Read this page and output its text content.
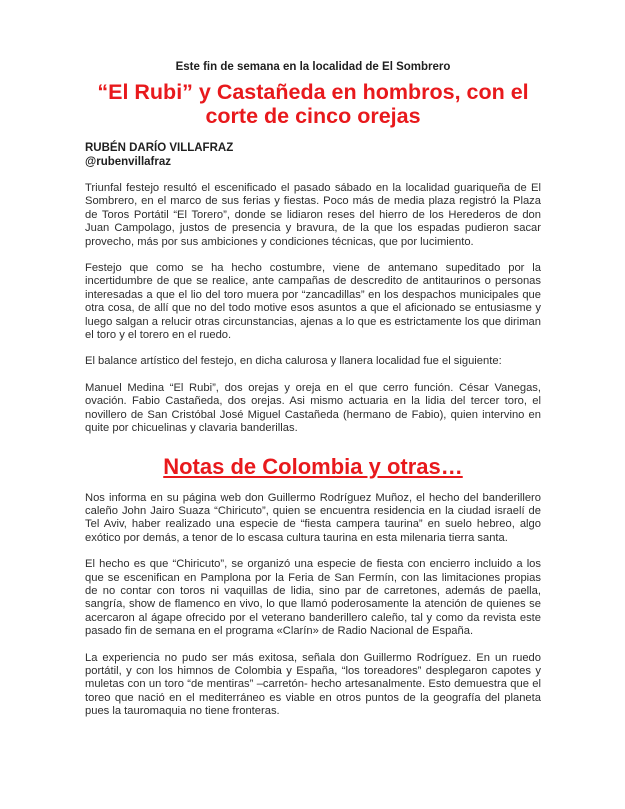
Este fin de semana en la localidad de El Sombrero
“El Rubi” y Castañeda en hombros, con el
corte de cinco orejas
RUBÉN DARÍO VILLAFRAZ
@rubenvillafraz

Triunfal festejo resultó el escenificado el pasado sábado en la localidad guariqueña de El Sombrero, en el marco de sus ferias y fiestas. Poco más de media plaza registró la Plaza de Toros Portátil “El Torero”, donde se lidiaron reses del hierro de los Herederos de don Juan Campolago, justos de presencia y bravura, de la que los espadas pudieron sacar provecho, más por sus ambiciones y condiciones técnicas, que por lucimiento.

Festejo que como se ha hecho costumbre, viene de antemano supeditado por la incertidumbre de que se realice, ante campañas de descredito de antitaurinos o personas interesadas a que el lio del toro muera por “zancadillas” en los despachos municipales que otra cosa, de allí que no del todo motive esos asuntos a que el aficionado se entusiasme y luego salgan a relucir otras circunstancias, ajenas a lo que es estrictamente los que diriman el toro y el torero en el ruedo.

El balance artístico del festejo, en dicha calurosa y llanera localidad fue el siguiente:

Manuel Medina “El Rubi”, dos orejas y oreja en el que cerro función. César Vanegas, ovación. Fabio Castañeda, dos orejas. Asi mismo actuaria en la lidia del tercer toro, el novillero de San Cristóbal José Miguel Castañeda (hermano de Fabio), quien intervino en quite por chicuelinas y clavaria banderillas.

Notas de Colombia y otras…

Nos informa en su página web don Guillermo Rodríguez Muñoz, el hecho del banderillero caleño John Jairo Suaza “Chiricuto”, quien se encuentra residencia en la ciudad israelí de Tel Aviv, haber realizado una especie de “fiesta campera taurina” en suelo hebreo, algo exótico por demás, a tenor de lo escasa cultura taurina en esta milenaria tierra santa.

El hecho es que “Chiricuto”, se organizó una especie de fiesta con encierro incluido a los que se escenifican en Pamplona por la Feria de San Fermín, con las limitaciones propias de no contar con toros ni vaquillas de lidia, sino par de carretones, además de paella, sangría, show de flamenco en vivo, lo que llamó poderosamente la atención de quienes se acercaron al ágape ofrecido por el veterano banderillero caleño, tal y como da revista este pasado fin de semana en el programa «Clarín» de Radio Nacional de España.

La experiencia no pudo ser más exitosa, señala don Guillermo Rodríguez. En un ruedo portátil, y con los himnos de Colombia y España, “los toreadores” desplegaron capotes y muletas con un toro “de mentiras” –carretón- hecho artesanalmente. Esto demuestra que el toreo que nació en el mediterráneo es viable en otros puntos de la geografía del planeta pues la tauromaquia no tiene fronteras.
